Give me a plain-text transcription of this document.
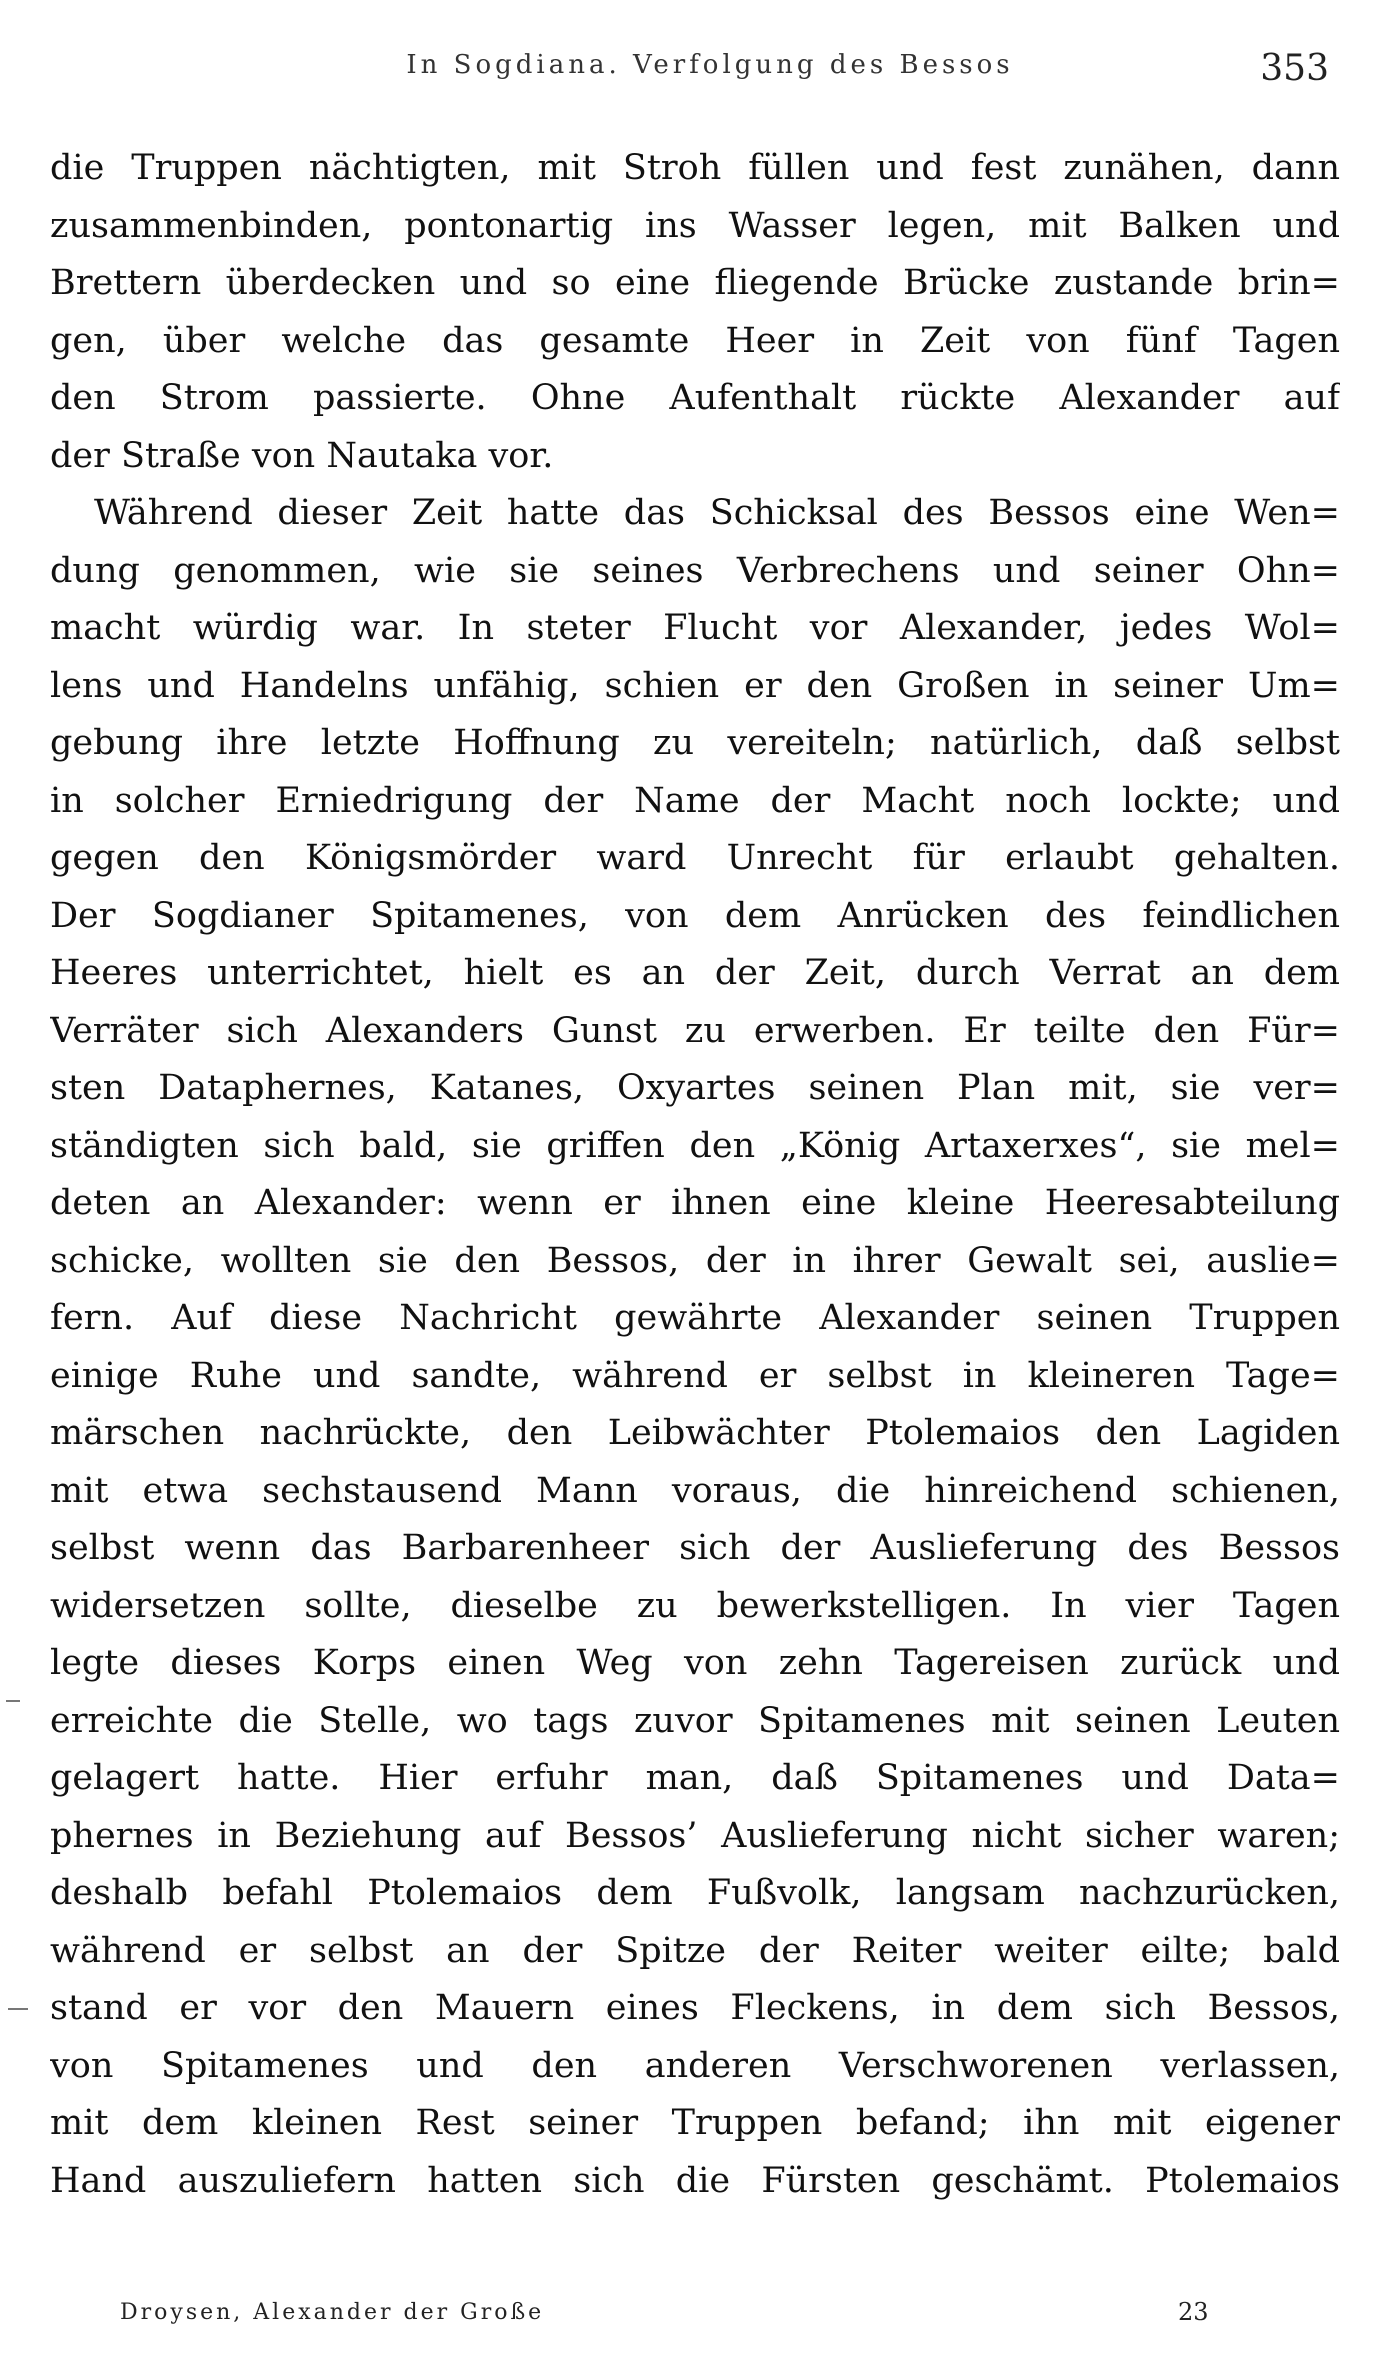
In Sogdiana. Verfolgung des Bessos	353
die Truppen nächtigten, mit Stroh füllen und fest zunähen, dann
zusammenbinden, pontonartig ins Wasser legen, mit Balken und
Brettern überdecken und so eine fliegende Brücke zustande brin=
gen, über welche das gesamte Heer in Zeit von fünf Tagen
den Strom passierte. Ohne Aufenthalt rückte Alexander auf
der Straße von Nautaka vor.
Während dieser Zeit hatte das Schicksal des Bessos eine Wen=
dung genommen, wie sie seines Verbrechens und seiner Ohn=
macht würdig war. In steter Flucht vor Alexander, jedes Wol=
lens und Handelns unfähig, schien er den Großen in seiner Um=
gebung ihre letzte Hoffnung zu vereiteln; natürlich, daß selbst
in solcher Erniedrigung der Name der Macht noch lockte; und
gegen den Königsmörder ward Unrecht für erlaubt gehalten.
Der Sogdianer Spitamenes, von dem Anrücken des feindlichen
Heeres unterrichtet, hielt es an der Zeit, durch Verrat an dem
Verräter sich Alexanders Gunst zu erwerben. Er teilte den Für=
sten Dataphernes, Katanes, Oxyartes seinen Plan mit, sie ver=
ständigten sich bald, sie griffen den „König Artaxerxes“, sie mel=
deten an Alexander: wenn er ihnen eine kleine Heeresabteilung
schicke, wollten sie den Bessos, der in ihrer Gewalt sei, auslie=
fern. Auf diese Nachricht gewährte Alexander seinen Truppen
einige Ruhe und sandte, während er selbst in kleineren Tage=
märschen nachrückte, den Leibwächter Ptolemaios den Lagiden
mit etwa sechstausend Mann voraus, die hinreichend schienen,
selbst wenn das Barbarenheer sich der Auslieferung des Bessos
widersetzen sollte, dieselbe zu bewerkstelligen. In vier Tagen
legte dieses Korps einen Weg von zehn Tagereisen zurück und
erreichte die Stelle, wo tags zuvor Spitamenes mit seinen Leuten
gelagert hatte. Hier erfuhr man, daß Spitamenes und Data=
phernes in Beziehung auf Bessos’ Auslieferung nicht sicher waren;
deshalb befahl Ptolemaios dem Fußvolk, langsam nachzurücken,
während er selbst an der Spitze der Reiter weiter eilte; bald
stand er vor den Mauern eines Fleckens, in dem sich Bessos,
von Spitamenes und den anderen Verschworenen verlassen,
mit dem kleinen Rest seiner Truppen befand; ihn mit eigener
Hand auszuliefern hatten sich die Fürsten geschämt. Ptolemaios
Droysen, Alexander der Große	23
